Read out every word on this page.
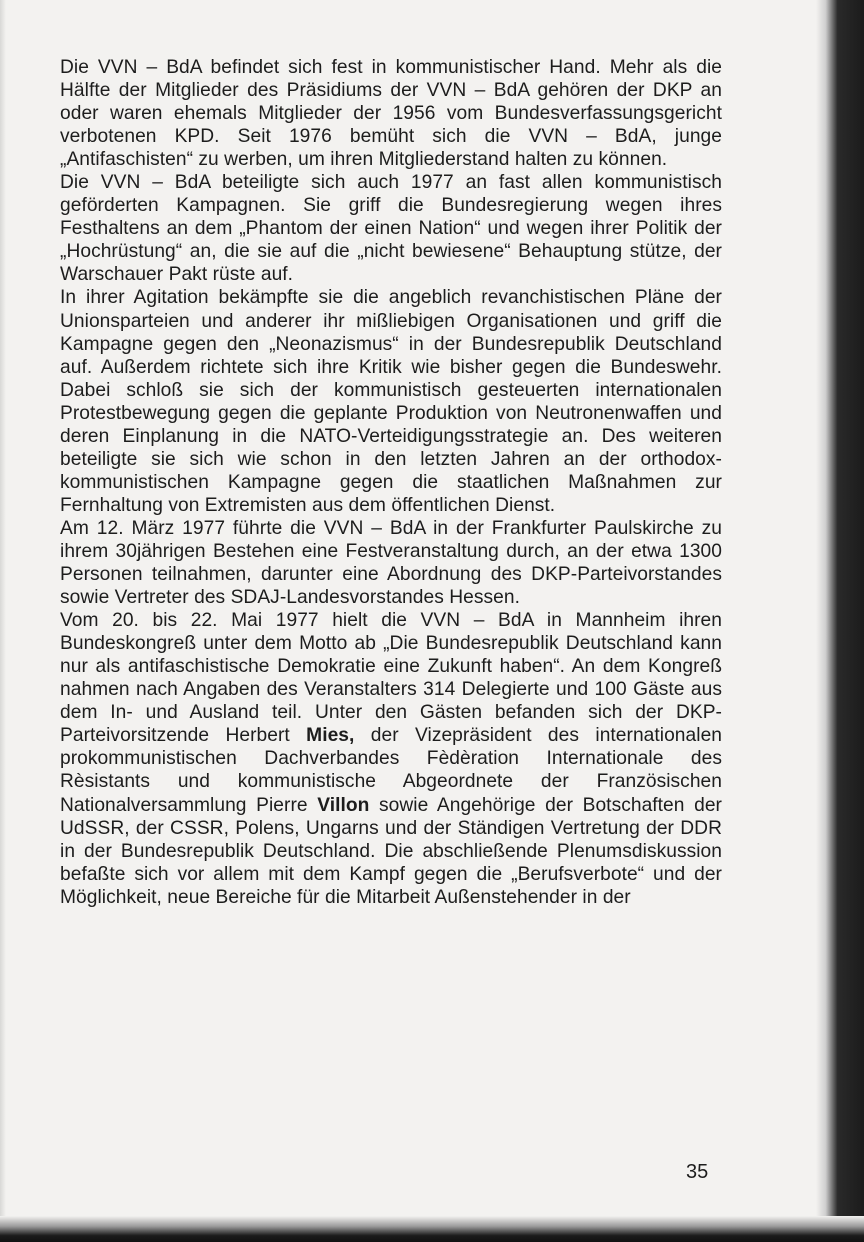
Die VVN – BdA befindet sich fest in kommunistischer Hand. Mehr als die Hälfte der Mitglieder des Präsidiums der VVN – BdA gehören der DKP an oder waren ehemals Mitglieder der 1956 vom Bundesverfassungsgericht verbotenen KPD. Seit 1976 bemüht sich die VVN – BdA, junge „Antifaschisten“ zu werben, um ihren Mitgliederstand halten zu können.

Die VVN – BdA beteiligte sich auch 1977 an fast allen kommunistisch geförderten Kampagnen. Sie griff die Bundesregierung wegen ihres Festhaltens an dem „Phantom der einen Nation“ und wegen ihrer Politik der „Hochrüstung“ an, die sie auf die „nicht bewiesene“ Behauptung stütze, der Warschauer Pakt rüste auf.

In ihrer Agitation bekämpfte sie die angeblich revanchistischen Pläne der Unionsparteien und anderer ihr mißliebigen Organisationen und griff die Kampagne gegen den „Neonazismus“ in der Bundesrepublik Deutschland auf. Außerdem richtete sich ihre Kritik wie bisher gegen die Bundeswehr. Dabei schloß sie sich der kommunistisch gesteuerten internationalen Protestbewegung gegen die geplante Produktion von Neutronenwaffen und deren Einplanung in die NATO-Verteidigungsstrategie an. Des weiteren beteiligte sie sich wie schon in den letzten Jahren an der orthodox-kommunistischen Kampagne gegen die staatlichen Maßnahmen zur Fernhaltung von Extremisten aus dem öffentlichen Dienst.

Am 12. März 1977 führte die VVN – BdA in der Frankfurter Paulskirche zu ihrem 30jährigen Bestehen eine Festveranstaltung durch, an der etwa 1300 Personen teilnahmen, darunter eine Abordnung des DKP-Parteivorstandes sowie Vertreter des SDAJ-Landesvorstandes Hessen.

Vom 20. bis 22. Mai 1977 hielt die VVN – BdA in Mannheim ihren Bundeskongreß unter dem Motto ab „Die Bundesrepublik Deutschland kann nur als antifaschistische Demokratie eine Zukunft haben“. An dem Kongreß nahmen nach Angaben des Veranstalters 314 Delegierte und 100 Gäste aus dem In- und Ausland teil. Unter den Gästen befanden sich der DKP-Parteivorsitzende Herbert Mies, der Vizepräsident des internationalen prokommunistischen Dachverbandes Fèdèration Internationale des Rèsistants und kommunistische Abgeordnete der Französischen Nationalversammlung Pierre Villon sowie Angehörige der Botschaften der UdSSR, der CSSR, Polens, Ungarns und der Ständigen Vertretung der DDR in der Bundesrepublik Deutschland. Die abschließende Plenumsdiskussion befaßte sich vor allem mit dem Kampf gegen die „Berufsverbote“ und der Möglichkeit, neue Bereiche für die Mitarbeit Außenstehender in der

35
